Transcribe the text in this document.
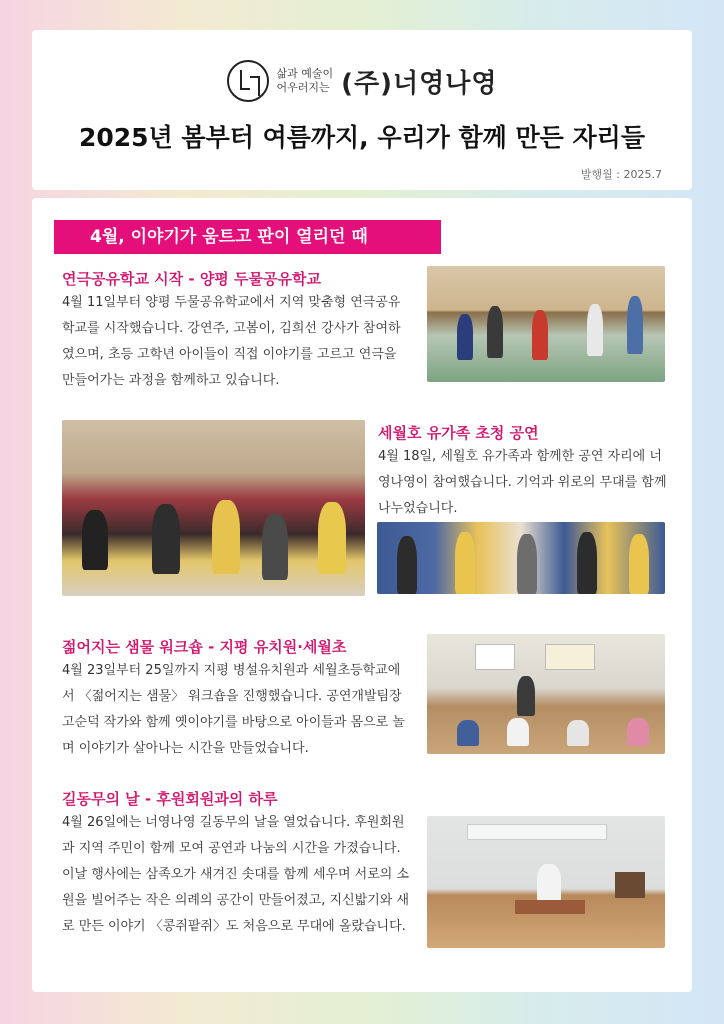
삶과 예술이
어우러지는 (주)너영나영
2025년 봄부터 여름까지, 우리가 함께 만든 자리들
발행월 : 2025.7
4월, 이야기가 움트고 판이 열리던 때
연극공유학교 시작 - 양평 두물공유학교
4월 11일부터 양평 두물공유학교에서 지역 맞춤형 연극공유학교를 시작했습니다. 강연주, 고봄이, 김희선 강사가 참여하였으며, 초등 고학년 아이들이 직접 이야기를 고르고 연극을 만들어가는 과정을 함께하고 있습니다.
세월호 유가족 초청 공연
4월 18일, 세월호 유가족과 함께한 공연 자리에 너영나영이 참여했습니다. 기억과 위로의 무대를 함께 나누었습니다.
젊어지는 샘물 워크숍 - 지평 유치원·세월초
4월 23일부터 25일까지 지평 병설유치원과 세월초등학교에서 〈젊어지는 샘물〉 워크숍을 진행했습니다. 공연개발팀장 고순덕 작가와 함께 옛이야기를 바탕으로 아이들과 몸으로 놀며 이야기가 살아나는 시간을 만들었습니다.
길동무의 날 - 후원회원과의 하루
4월 26일에는 너영나영 길동무의 날을 열었습니다. 후원회원과 지역 주민이 함께 모여 공연과 나눔의 시간을 가졌습니다. 이날 행사에는 삼족오가 새겨진 솟대를 함께 세우며 서로의 소원을 빌어주는 작은 의례의 공간이 만들어졌고, 지신밟기와 새로 만든 이야기 〈콩쥐팥쥐〉도 처음으로 무대에 올랐습니다.
